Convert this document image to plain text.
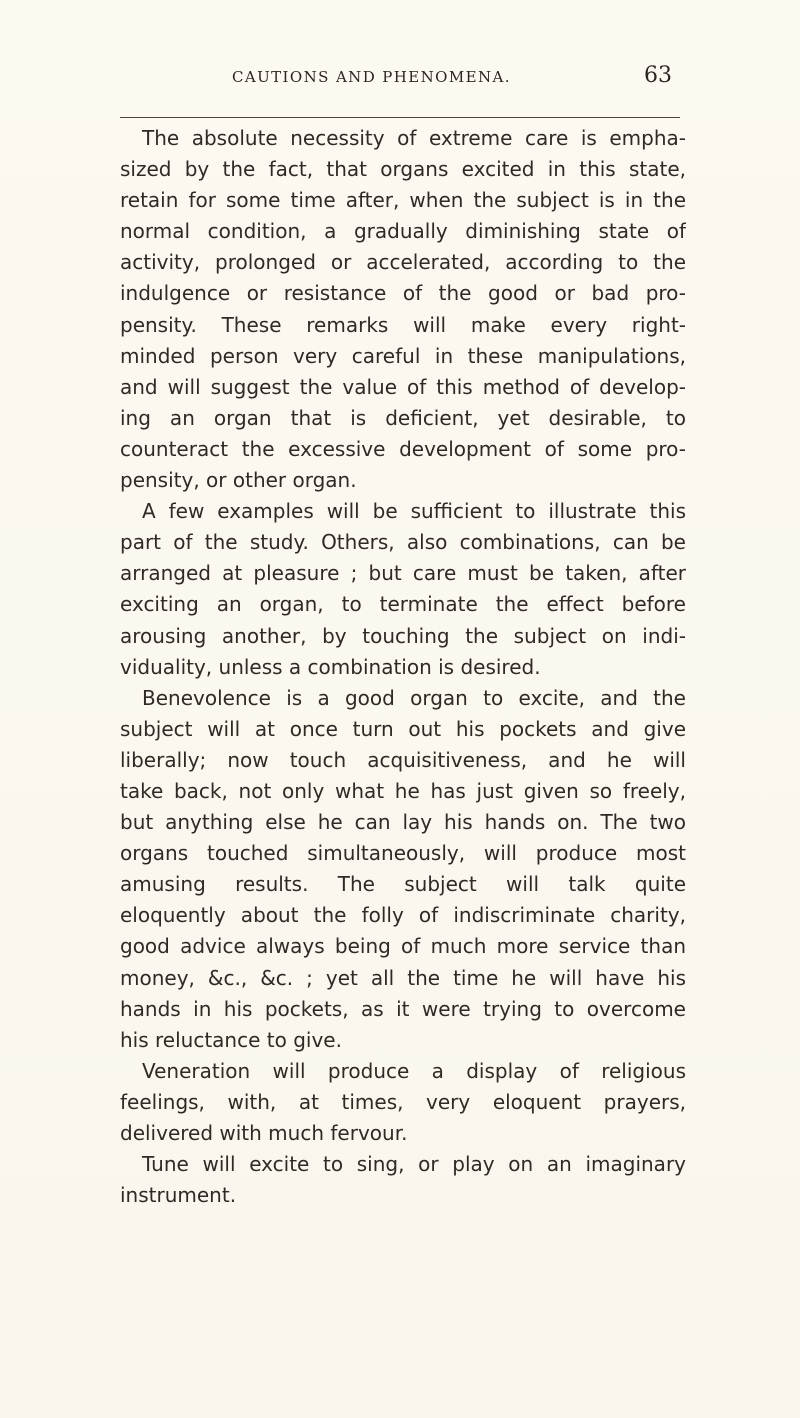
CAUTIONS AND PHENOMENA.	63
The absolute necessity of extreme care is empha-
sized by the fact, that organs excited in this state,
retain for some time after, when the subject is in the
normal condition, a gradually diminishing state of
activity, prolonged or accelerated, according to the
indulgence or resistance of the good or bad pro-
pensity. These remarks will make every right-
minded person very careful in these manipulations,
and will suggest the value of this method of develop-
ing an organ that is deficient, yet desirable, to
counteract the excessive development of some pro-
pensity, or other organ.
A few examples will be sufficient to illustrate this
part of the study. Others, also combinations, can be
arranged at pleasure ; but care must be taken, after
exciting an organ, to terminate the effect before
arousing another, by touching the subject on indi-
viduality, unless a combination is desired.
Benevolence is a good organ to excite, and the
subject will at once turn out his pockets and give
liberally; now touch acquisitiveness, and he will
take back, not only what he has just given so freely,
but anything else he can lay his hands on. The two
organs touched simultaneously, will produce most
amusing results. The subject will talk quite
eloquently about the folly of indiscriminate charity,
good advice always being of much more service than
money, &c., &c. ; yet all the time he will have his
hands in his pockets, as it were trying to overcome
his reluctance to give.
Veneration will produce a display of religious
feelings, with, at times, very eloquent prayers,
delivered with much fervour.
Tune will excite to sing, or play on an imaginary
instrument.
